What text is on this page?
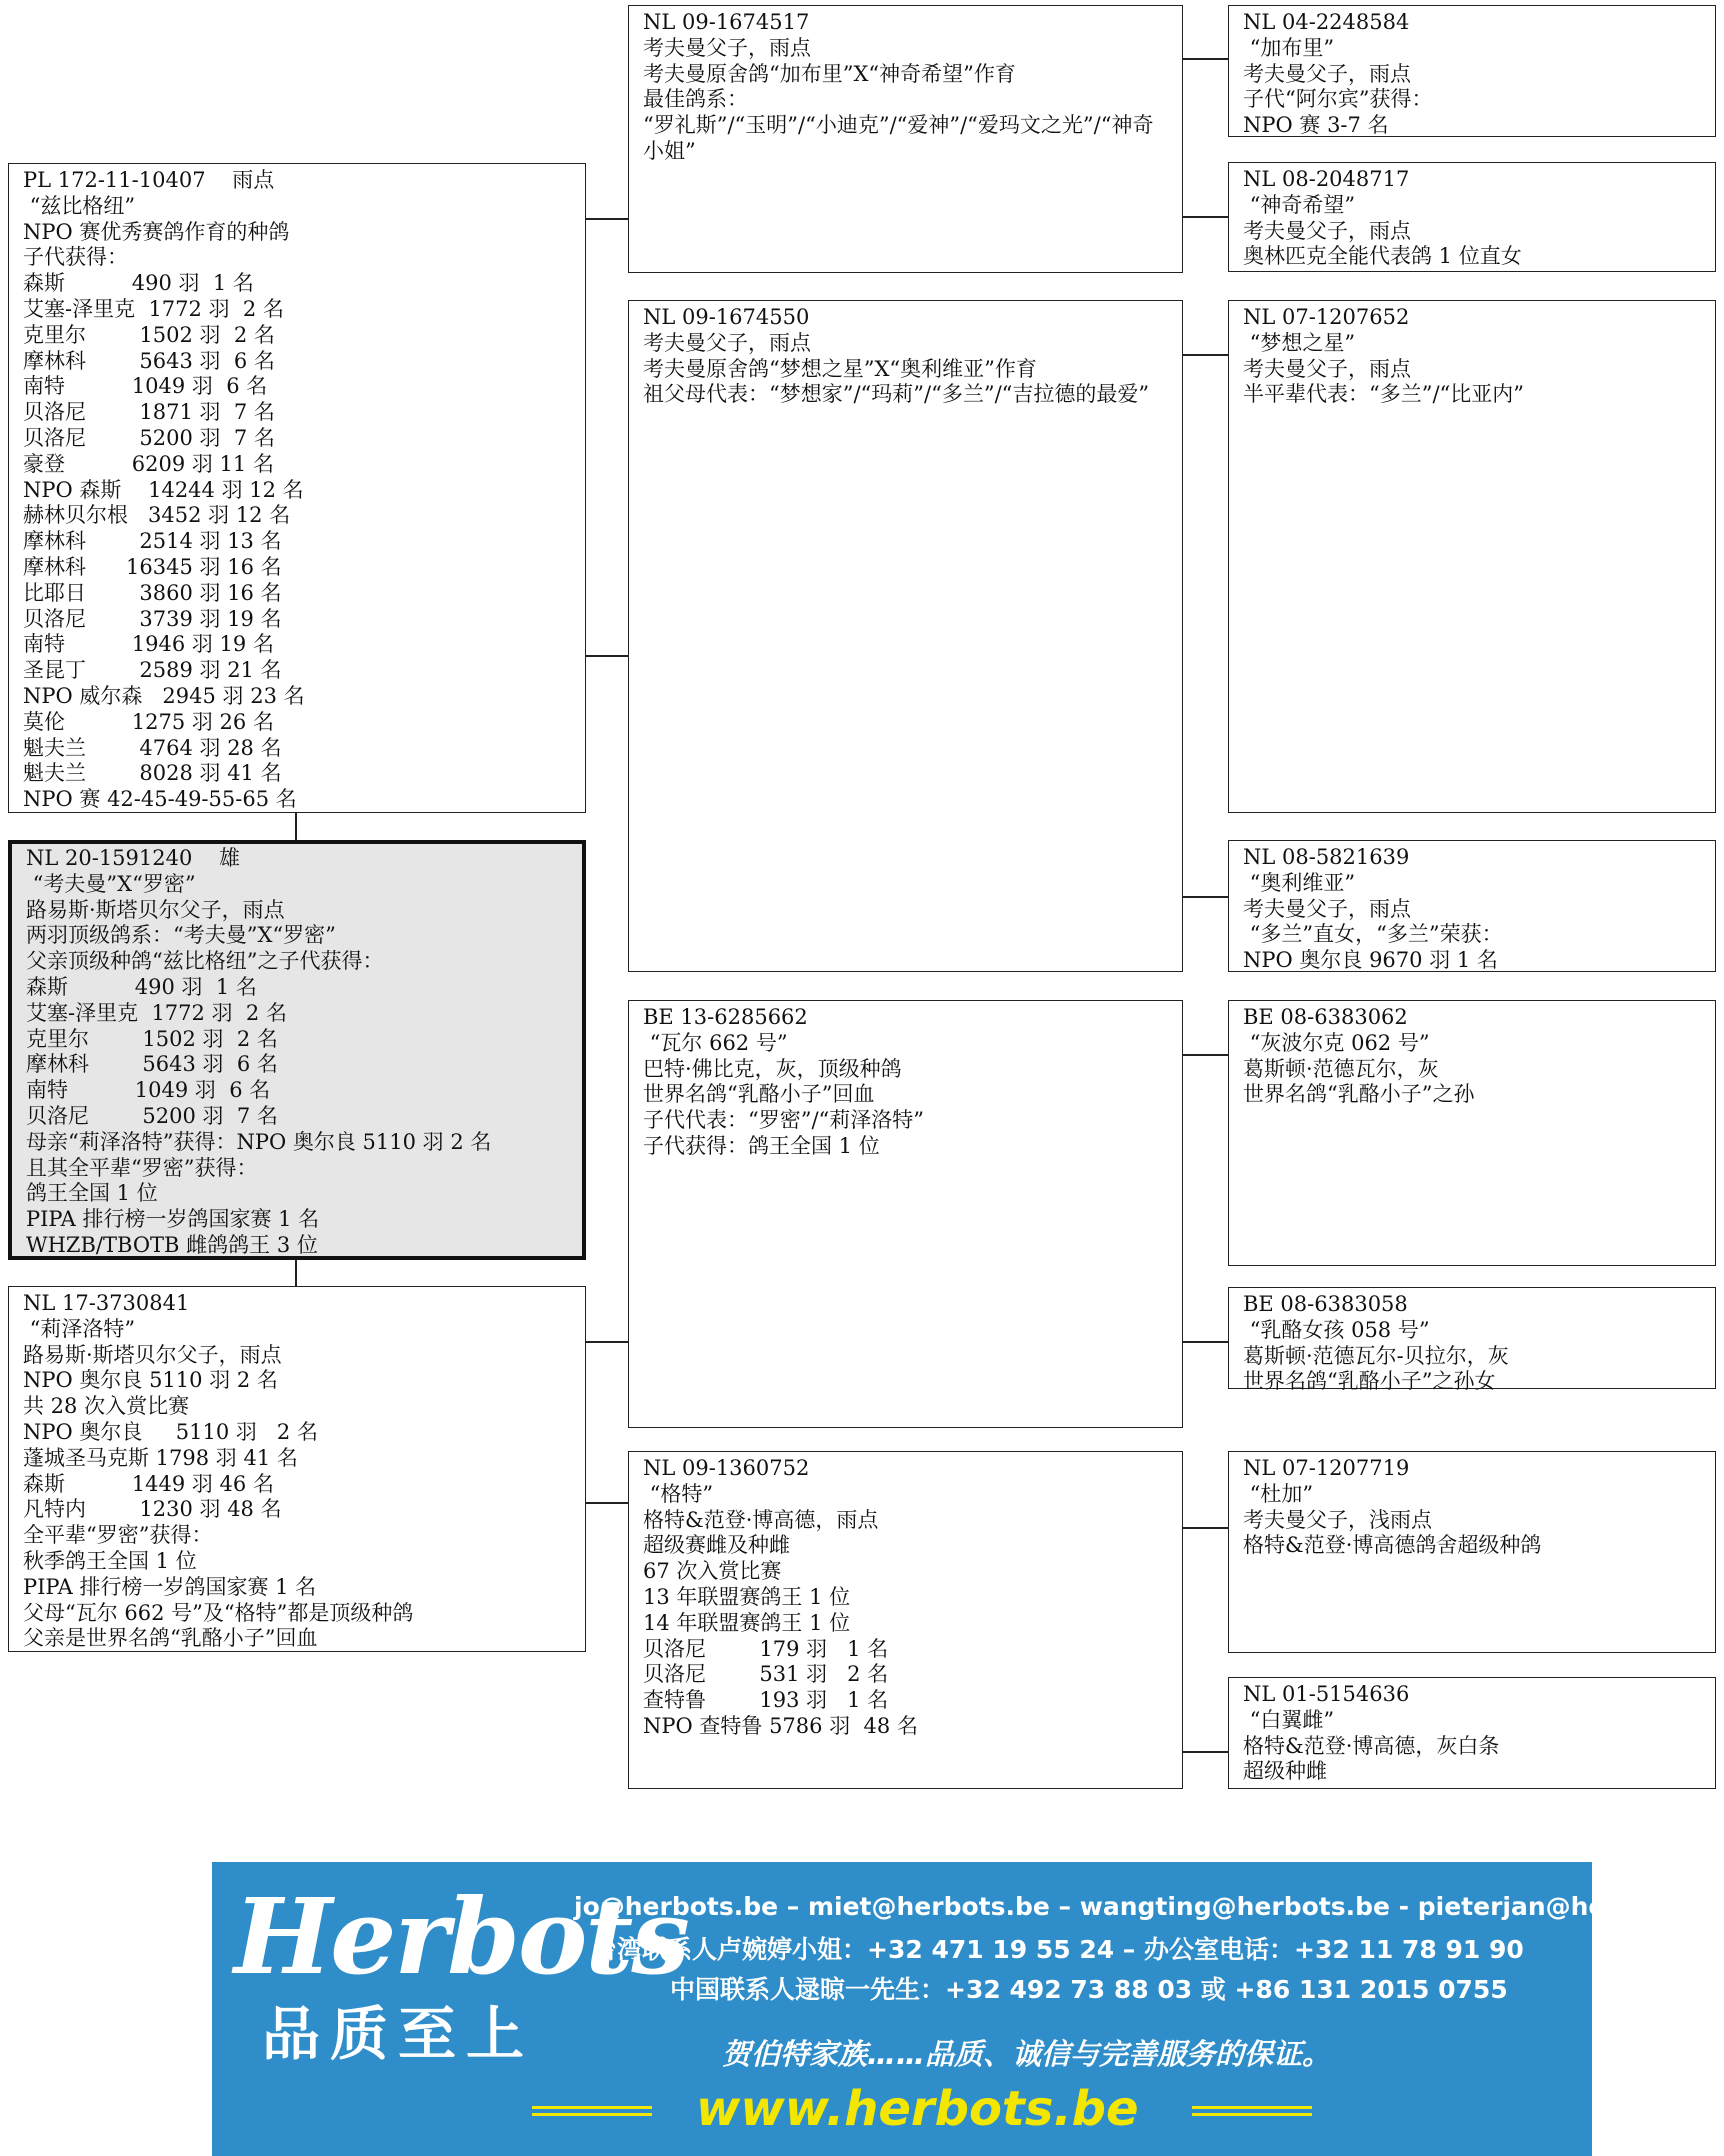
PL 172-11-10407    雨点
“兹比格纽”
NPO 赛优秀赛鸽作育的种鸽
子代获得：
森斯          490 羽  1 名
艾塞-泽里克  1772 羽  2 名
克里尔        1502 羽  2 名
摩林科        5643 羽  6 名
南特          1049 羽  6 名
贝洛尼        1871 羽  7 名
贝洛尼        5200 羽  7 名
豪登          6209 羽 11 名
NPO 森斯    14244 羽 12 名
赫林贝尔根   3452 羽 12 名
摩林科        2514 羽 13 名
摩林科      16345 羽 16 名
比耶日        3860 羽 16 名
贝洛尼        3739 羽 19 名
南特          1946 羽 19 名
圣昆丁        2589 羽 21 名
NPO 威尔森   2945 羽 23 名
莫伦          1275 羽 26 名
魁夫兰        4764 羽 28 名
魁夫兰        8028 羽 41 名
NPO 赛 42-45-49-55-65 名
NL 20-1591240    雄
“考夫曼”X“罗密”
路易斯·斯塔贝尔父子，雨点
两羽顶级鸽系：“考夫曼”X“罗密”
父亲顶级种鸽“兹比格纽”之子代获得：
森斯          490 羽  1 名
艾塞-泽里克  1772 羽  2 名
克里尔        1502 羽  2 名
摩林科        5643 羽  6 名
南特          1049 羽  6 名
贝洛尼        5200 羽  7 名
母亲“莉泽洛特”获得：NPO 奥尔良 5110 羽 2 名
且其全平辈“罗密”获得：
鸽王全国 1 位
PIPA 排行榜一岁鸽国家赛 1 名
WHZB/TBOTB 雌鸽鸽王 3 位
NL 17-3730841
“莉泽洛特”
路易斯·斯塔贝尔父子，雨点
NPO 奥尔良 5110 羽 2 名
共 28 次入赏比赛
NPO 奥尔良     5110 羽   2 名
蓬城圣马克斯 1798 羽 41 名
森斯          1449 羽 46 名
凡特内        1230 羽 48 名
全平辈“罗密”获得：
秋季鸽王全国 1 位
PIPA 排行榜一岁鸽国家赛 1 名
父母“瓦尔 662 号”及“格特”都是顶级种鸽
父亲是世界名鸽“乳酪小子”回血
NL 09-1674517
考夫曼父子，雨点
考夫曼原舍鸽“加布里”X“神奇希望”作育
最佳鸽系：
“罗礼斯”/“玉明”/“小迪克”/“爱神”/“爱玛文之光”/“神奇小姐”
NL 09-1674550
考夫曼父子，雨点
考夫曼原舍鸽“梦想之星”X“奥利维亚”作育
祖父母代表：“梦想家”/“玛莉”/“多兰”/“吉拉德的最爱”
BE 13-6285662
“瓦尔 662 号”
巴特·佛比克，灰，顶级种鸽
世界名鸽“乳酪小子”回血
子代代表：“罗密”/“莉泽洛特”
子代获得：鸽王全国 1 位
NL 09-1360752
“格特”
格特&范登·博高德，雨点
超级赛雌及种雌
67 次入赏比赛
13 年联盟赛鸽王 1 位
14 年联盟赛鸽王 1 位
贝洛尼        179 羽   1 名
贝洛尼        531 羽   2 名
查特鲁        193 羽   1 名
NPO 查特鲁 5786 羽  48 名
NL 04-2248584
“加布里”
考夫曼父子，雨点
子代“阿尔宾”获得：
NPO 赛 3-7 名
NL 08-2048717
“神奇希望”
考夫曼父子，雨点
奥林匹克全能代表鸽 1 位直女
NL 07-1207652
“梦想之星”
考夫曼父子，雨点
半平辈代表：“多兰”/“比亚内”
NL 08-5821639
“奥利维亚”
考夫曼父子，雨点
“多兰”直女，“多兰”荣获：
NPO 奥尔良 9670 羽 1 名
BE 08-6383062
“灰波尔克 062 号”
葛斯顿·范德瓦尔，灰
世界名鸽“乳酪小子”之孙
BE 08-6383058
“乳酪女孩 058 号”
葛斯顿·范德瓦尔-贝拉尔，灰
世界名鸽“乳酪小子”之孙女
NL 07-1207719
“杜加”
考夫曼父子，浅雨点
格特&范登·博高德鸽舍超级种鸽
NL 01-5154636
“白翼雌”
格特&范登·博高德，灰白条
超级种雌
Herbots
品质至上
jo@herbots.be – miet@herbots.be – wangting@herbots.be - pieterjan@herbots.be
台湾联系人卢婉婷小姐：+32 471 19 55 24 – 办公室电话：+32 11 78 91 90
中国联系人逯晾一先生：+32 492 73 88 03 或 +86 131 2015 0755
贺伯特家族……品质、诚信与完善服务的保证。
www.herbots.be
